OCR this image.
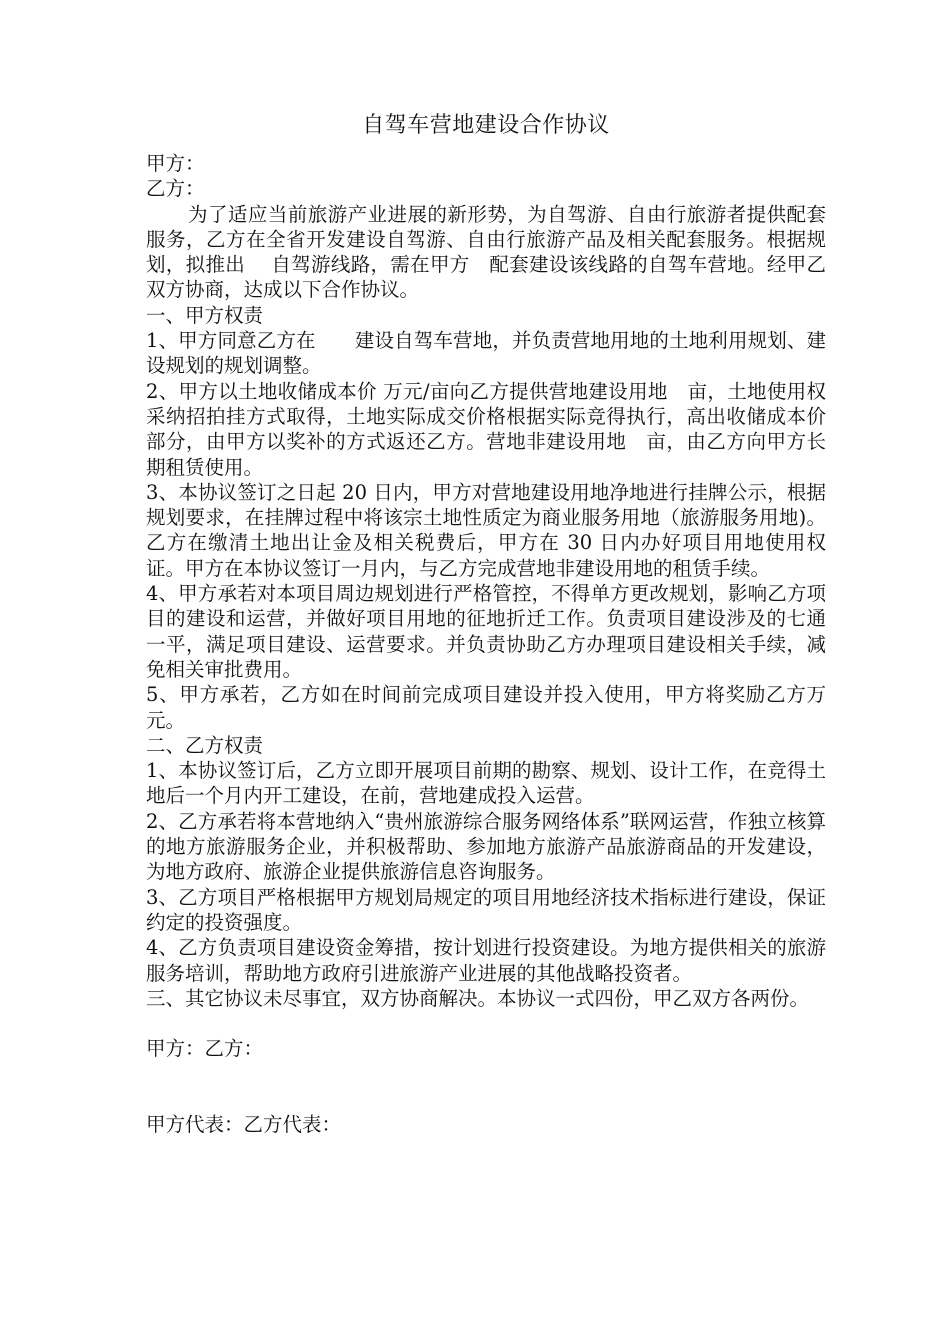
自驾车营地建设合作协议

甲方：

乙方：

为了适应当前旅游产业进展的新形势，为自驾游、自由行旅游者提供配套服务，乙方在全省开发建设自驾游、自由行旅游产品及相关配套服务。根据规划，拟推出　 自驾游线路，需在甲方　配套建设该线路的自驾车营地。经甲乙双方协商，达成以下合作协议。

一、甲方权责

1、甲方同意乙方在　　建设自驾车营地，并负责营地用地的土地利用规划、建设规划的规划调整。

2、甲方以土地收储成本价 万元/亩向乙方提供营地建设用地　亩，土地使用权采纳招拍挂方式取得，土地实际成交价格根据实际竞得执行，高出收储成本价部分，由甲方以奖补的方式返还乙方。营地非建设用地　亩，由乙方向甲方长期租赁使用。

3、本协议签订之日起 20 日内，甲方对营地建设用地净地进行挂牌公示，根据规划要求，在挂牌过程中将该宗土地性质定为商业服务用地（旅游服务用地)。乙方在缴清土地出让金及相关税费后，甲方在 30 日内办好项目用地使用权证。甲方在本协议签订一月内，与乙方完成营地非建设用地的租赁手续。

4、甲方承若对本项目周边规划进行严格管控，不得单方更改规划，影响乙方项目的建设和运营，并做好项目用地的征地折迁工作。负责项目建设涉及的七通一平，满足项目建设、运营要求。并负责协助乙方办理项目建设相关手续，减免相关审批费用。

5、甲方承若，乙方如在时间前完成项目建设并投入使用，甲方将奖励乙方万元。

二、乙方权责

1、本协议签订后，乙方立即开展项目前期的勘察、规划、设计工作，在竞得土地后一个月内开工建设，在前，营地建成投入运营。

2、乙方承若将本营地纳入“贵州旅游综合服务网络体系”联网运营，作独立核算的地方旅游服务企业，并积极帮助、参加地方旅游产品旅游商品的开发建设，为地方政府、旅游企业提供旅游信息咨询服务。

3、乙方项目严格根据甲方规划局规定的项目用地经济技术指标进行建设，保证约定的投资强度。

4、乙方负责项目建设资金筹措，按计划进行投资建设。为地方提供相关的旅游服务培训，帮助地方政府引进旅游产业进展的其他战略投资者。

三、其它协议未尽事宜，双方协商解决。本协议一式四份，甲乙双方各两份。

甲方：乙方：

甲方代表：乙方代表：
